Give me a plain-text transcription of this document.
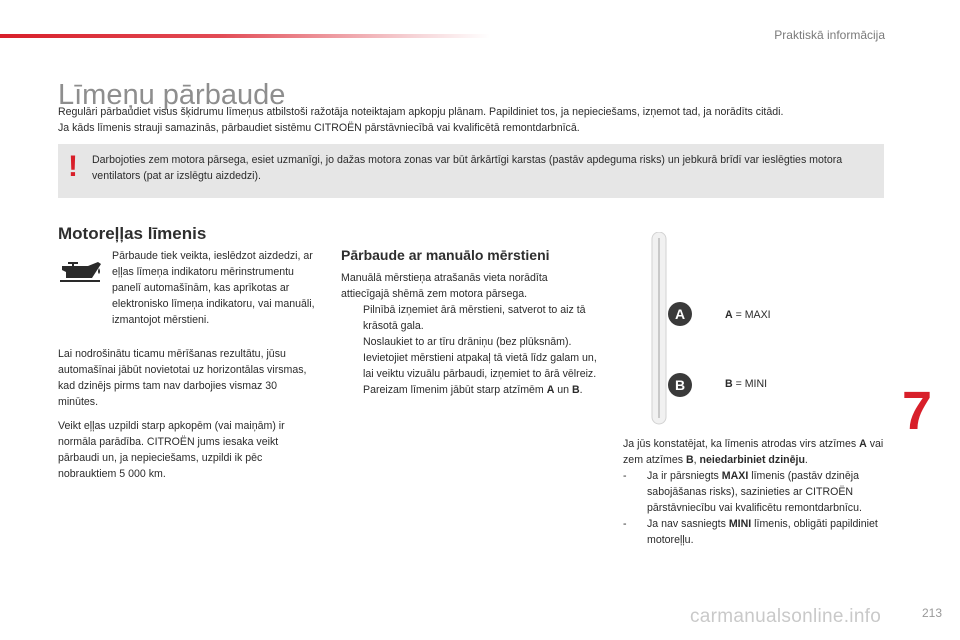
Praktiskā informācija
Līmeņu pārbaude

Regulāri pārbaudiet visus šķidrumu līmeņus atbilstoši ražotāja noteiktajam apkopju plānam. Papildiniet tos, ja nepieciešams, izņemot tad, ja norādīts citādi.

Ja kāds līmenis strauji samazinās, pārbaudiet sistēmu CITROËN pārstāvniecībā vai kvalificētā remontdarbnīcā.

! Darbojoties zem motora pārsega, esiet uzmanīgi, jo dažas motora zonas var būt ārkārtīgi karstas (pastāv apdeguma risks) un jebkurā brīdī var ieslēgties motora ventilators (pat ar izslēgtu aizdedzi).
Motoreļļas līmenis
Pārbaude tiek veikta, ieslēdzot aizdedzi, ar eļļas līmeņa indikatoru mērinstrumentu panelī automašīnām, kas aprīkotas ar elektronisko līmeņa indikatoru, vai manuāli, izmantojot mērstieni.

Lai nodrošinātu ticamu mērīšanas rezultātu, jūsu automašīnai jābūt novietotai uz horizontālas virsmas, kad dzinējs pirms tam nav darbojies vismaz 30 minūtes.

Veikt eļļas uzpildi starp apkopēm (vai maiņām) ir normāla parādība. CITROËN jums iesaka veikt pārbaudi un, ja nepieciešams, uzpildi ik pēc nobrauktiem 5 000 km.

Pārbaude ar manuālo mērstieni

Manuālā mērstieņa atrašanās vieta norādīta attiecīgajā shēmā zem motora pārsega.

Pilnībā izņemiet ārā mērstieni, satverot to aiz tā krāsotā gala.
Noslaukiet to ar tīru drāniņu (bez plūksnām).
Ievietojiet mērstieni atpakaļ tā vietā līdz galam un, lai veiktu vizuālu pārbaudi, izņemiet to ārā vēlreiz. Pareizam līmenim jābūt starp atzīmēm A un B.
A
B
A = MAXI
B = MINI

Ja jūs konstatējat, ka līmenis atrodas virs atzīmes A vai zem atzīmes B, neiedarbiniet dzinēju.

- Ja ir pārsniegts MAXI līmenis (pastāv dzinēja sabojāšanas risks), sazinieties ar CITROËN pārstāvniecību vai kvalificētu remontdarbnīcu.
- Ja nav sasniegts MINI līmenis, obligāti papildiniet motoreļļu.
7
carmanualsonline.info	213
